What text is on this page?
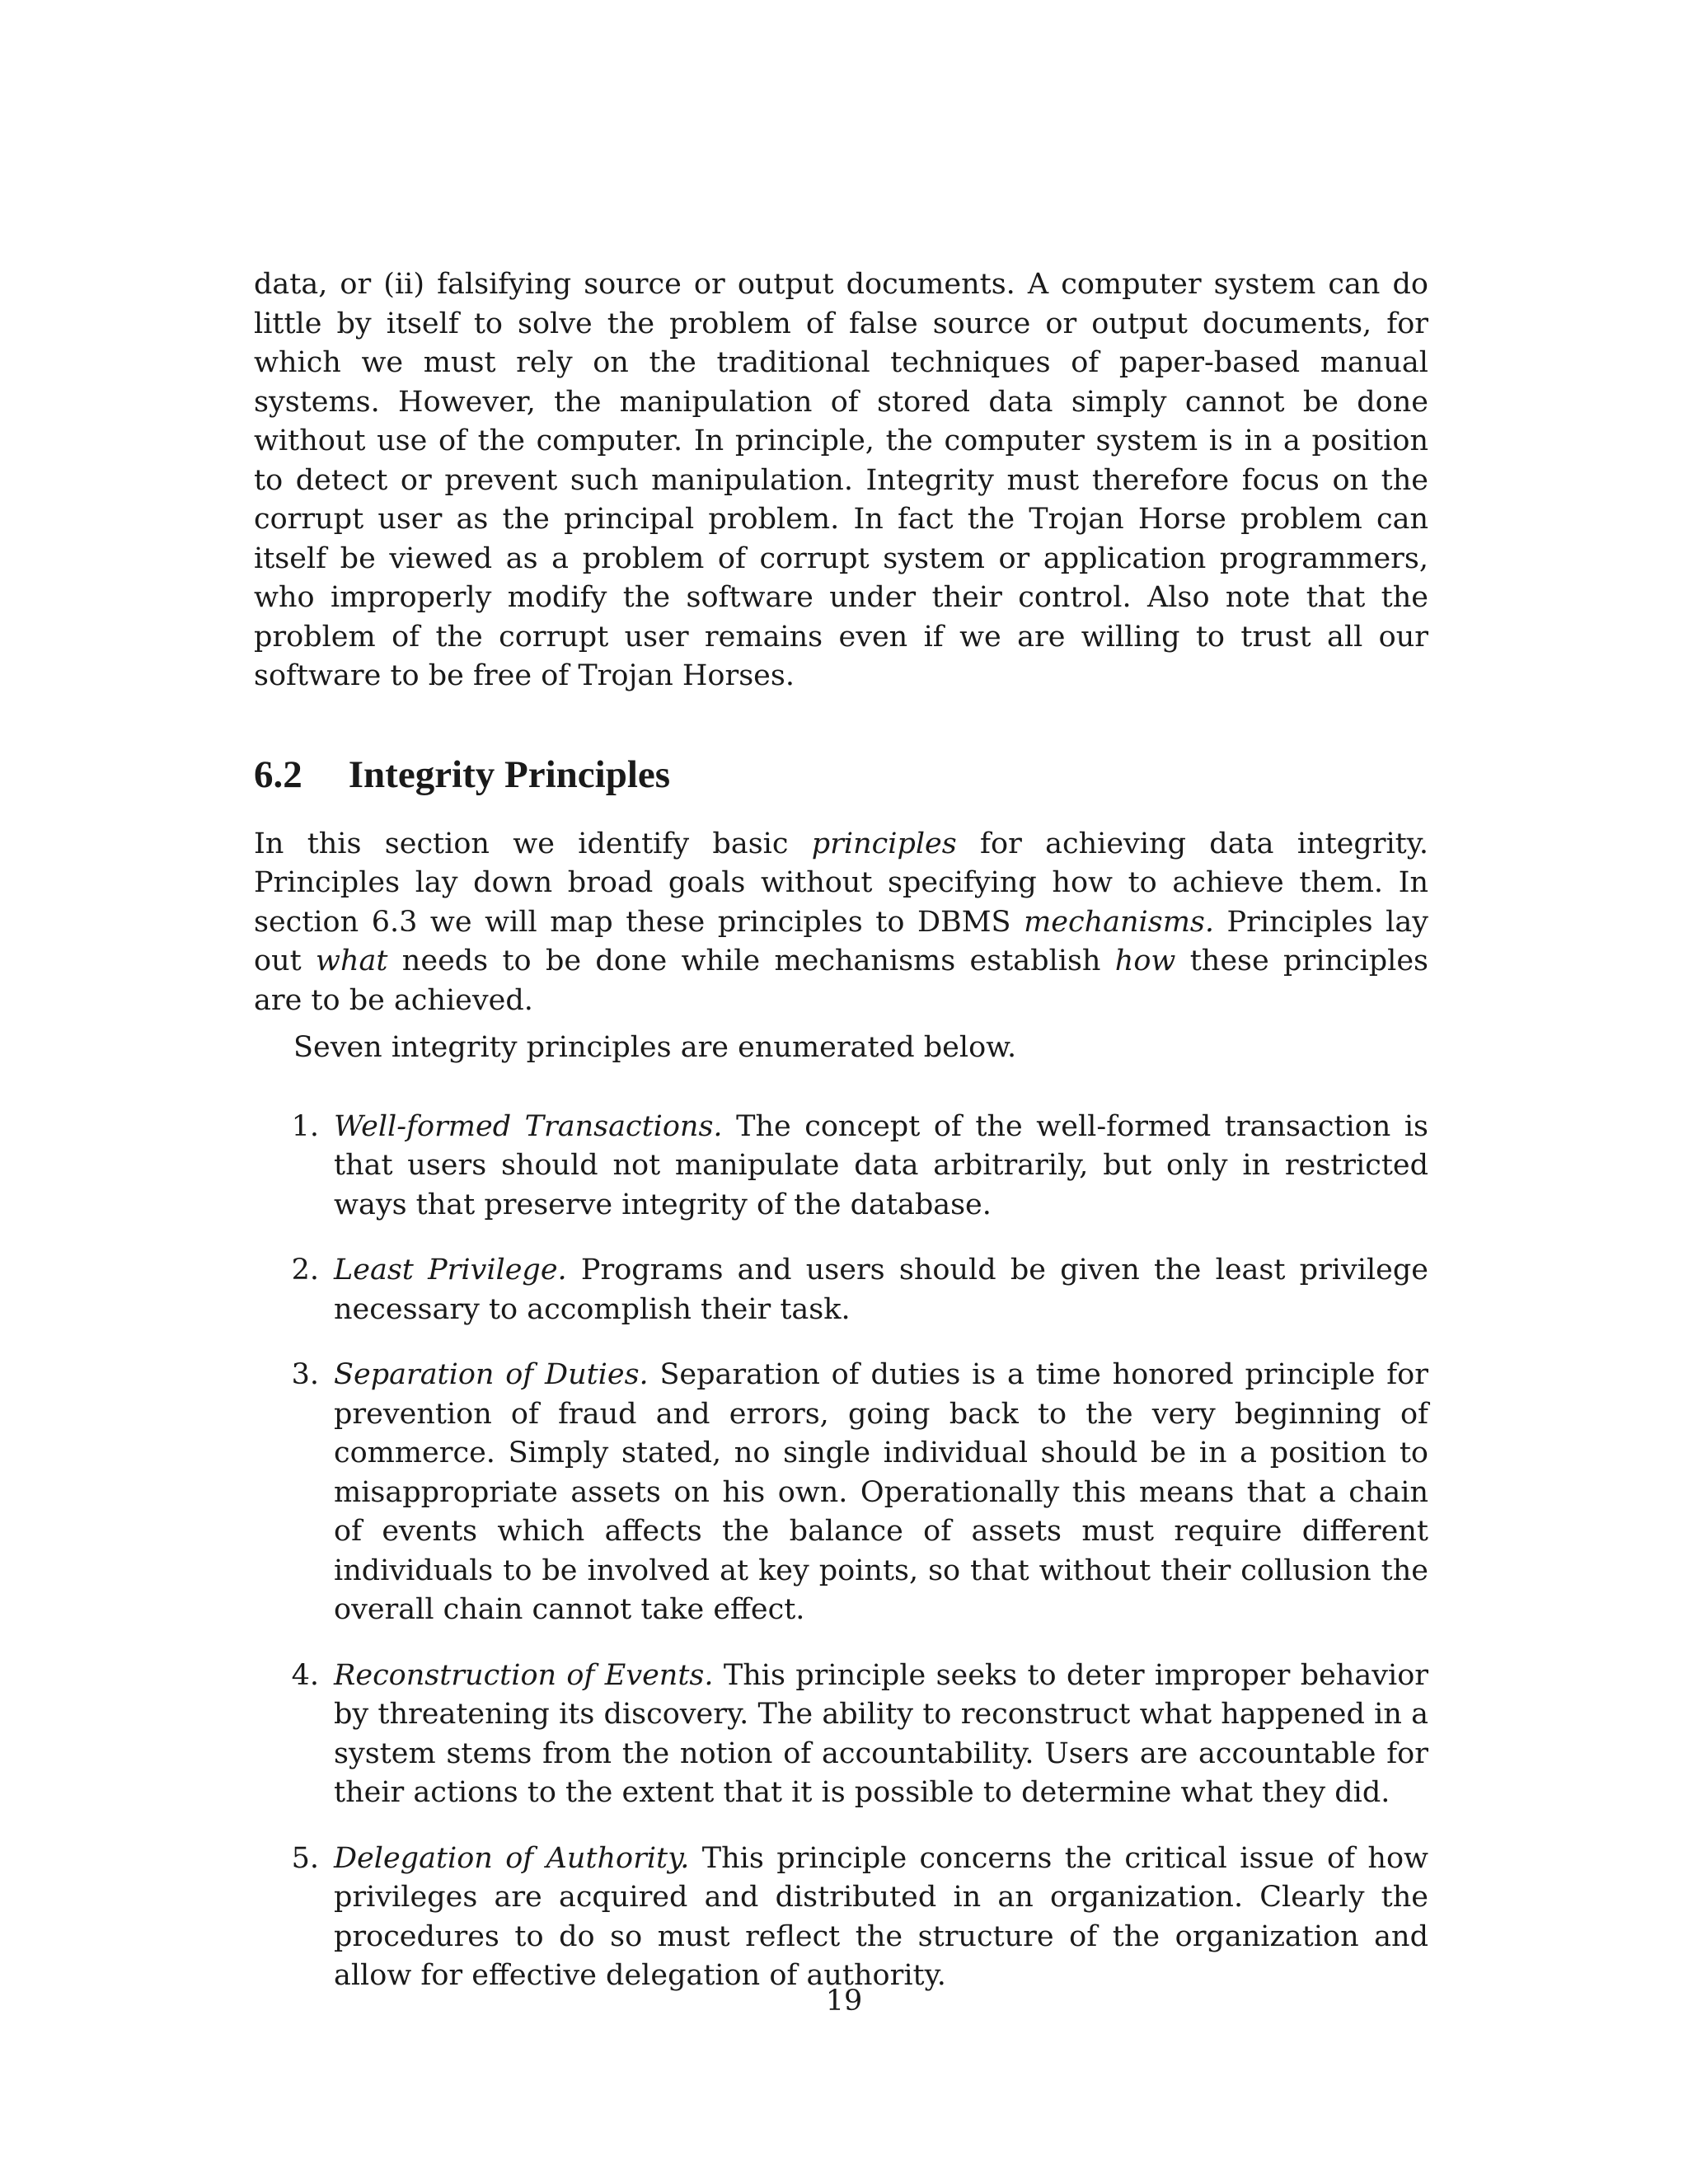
data, or (ii) falsifying source or output documents. A computer system can do little by itself to solve the problem of false source or output documents, for which we must rely on the traditional techniques of paper-based manual systems. However, the manipulation of stored data simply cannot be done without use of the computer. In principle, the computer system is in a position to detect or prevent such manipulation. Integrity must therefore focus on the corrupt user as the principal problem. In fact the Trojan Horse problem can itself be viewed as a problem of corrupt system or application programmers, who improperly modify the software under their control. Also note that the problem of the corrupt user remains even if we are willing to trust all our software to be free of Trojan Horses.

6.2 Integrity Principles

In this section we identify basic principles for achieving data integrity. Principles lay down broad goals without specifying how to achieve them. In section 6.3 we will map these principles to DBMS mechanisms. Principles lay out what needs to be done while mechanisms establish how these principles are to be achieved.

Seven integrity principles are enumerated below.

1. Well-formed Transactions. The concept of the well-formed transaction is that users should not manipulate data arbitrarily, but only in restricted ways that preserve integrity of the database.
2. Least Privilege. Programs and users should be given the least privilege necessary to accomplish their task.
3. Separation of Duties. Separation of duties is a time honored principle for prevention of fraud and errors, going back to the very beginning of commerce. Simply stated, no single individual should be in a position to misappropriate assets on his own. Operationally this means that a chain of events which affects the balance of assets must require different individuals to be involved at key points, so that without their collusion the overall chain cannot take effect.
4. Reconstruction of Events. This principle seeks to deter improper behavior by threatening its discovery. The ability to reconstruct what happened in a system stems from the notion of accountability. Users are accountable for their actions to the extent that it is possible to determine what they did.
5. Delegation of Authority. This principle concerns the critical issue of how privileges are acquired and distributed in an organization. Clearly the procedures to do so must reflect the structure of the organization and allow for effective delegation of authority.
19
